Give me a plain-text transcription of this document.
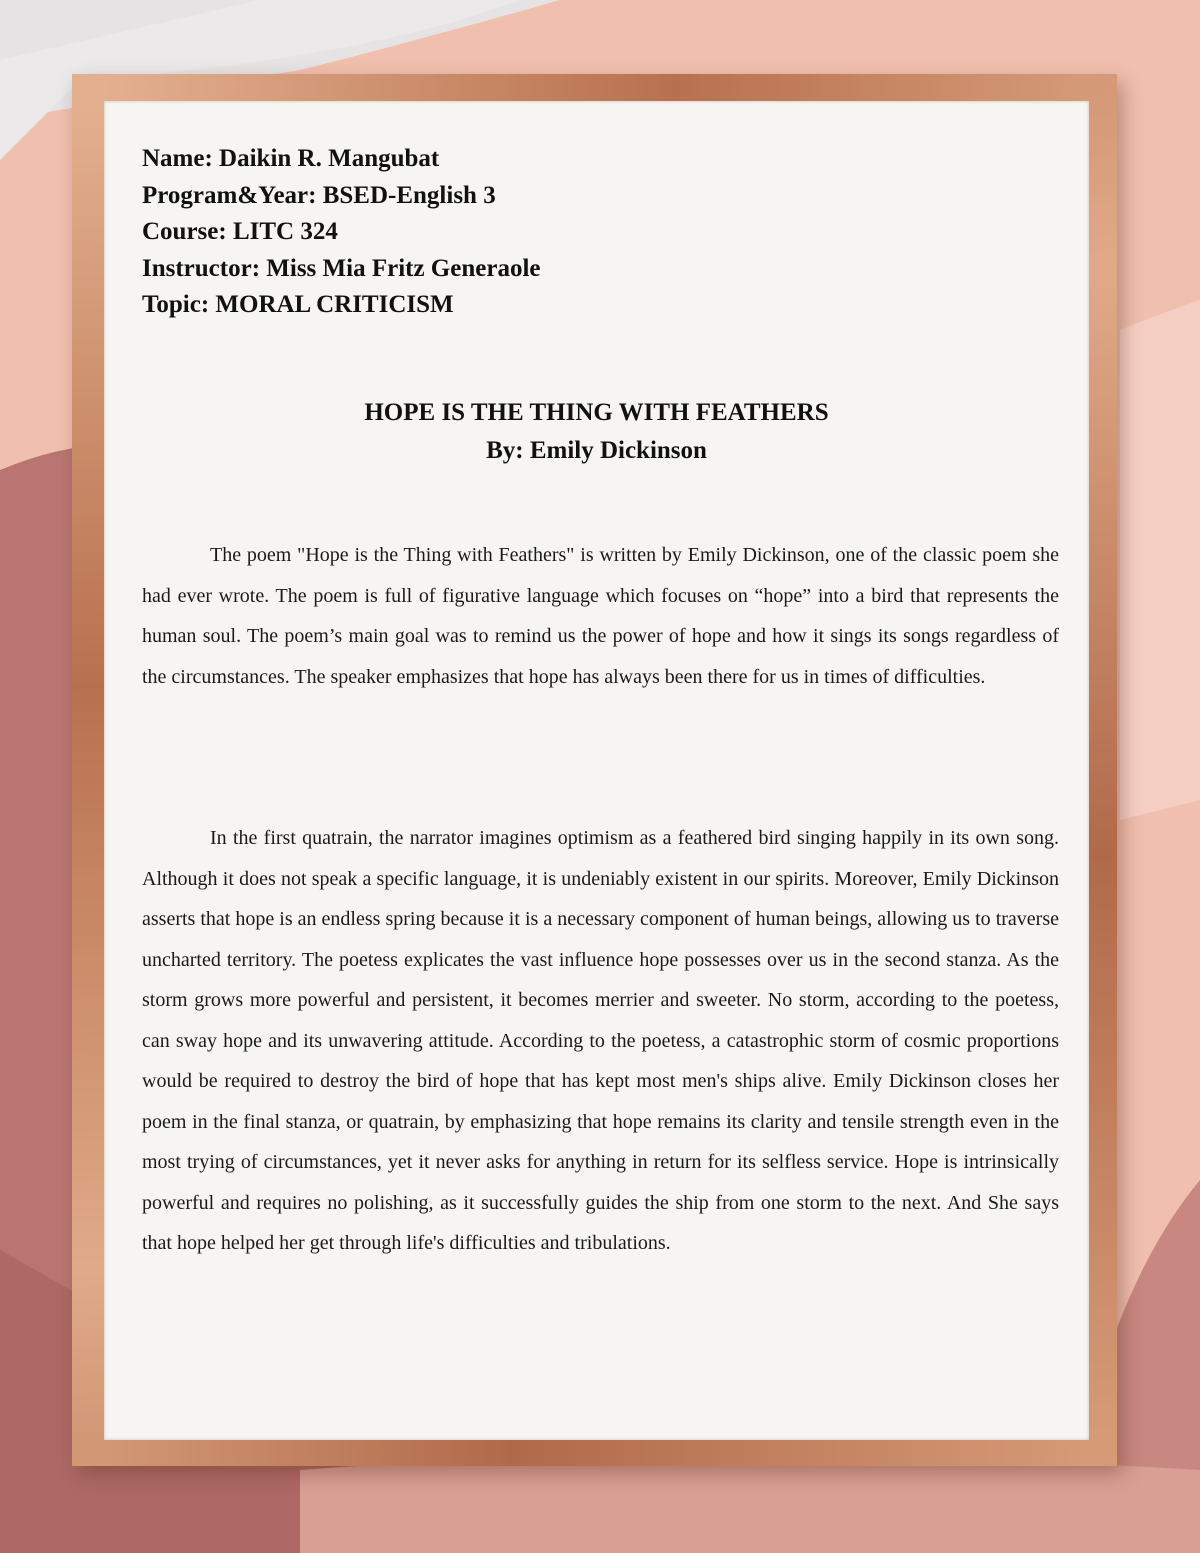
Name: Daikin R. Mangubat
Program&Year: BSED-English 3
Course: LITC 324
Instructor: Miss Mia Fritz Generaole
Topic: MORAL CRITICISM
HOPE IS THE THING WITH FEATHERS
By: Emily Dickinson

The poem "Hope is the Thing with Feathers" is written by Emily Dickinson, one of the classic poem she had ever wrote. The poem is full of figurative language which focuses on “hope” into a bird that represents the human soul. The poem’s main goal was to remind us the power of hope and how it sings its songs regardless of the circumstances. The speaker emphasizes that hope has always been there for us in times of difficulties.

In the first quatrain, the narrator imagines optimism as a feathered bird singing happily in its own song. Although it does not speak a specific language, it is undeniably existent in our spirits. Moreover, Emily Dickinson asserts that hope is an endless spring because it is a necessary component of human beings, allowing us to traverse uncharted territory. The poetess explicates the vast influence hope possesses over us in the second stanza. As the storm grows more powerful and persistent, it becomes merrier and sweeter. No storm, according to the poetess, can sway hope and its unwavering attitude. According to the poetess, a catastrophic storm of cosmic proportions would be required to destroy the bird of hope that has kept most men's ships alive. Emily Dickinson closes her poem in the final stanza, or quatrain, by emphasizing that hope remains its clarity and tensile strength even in the most trying of circumstances, yet it never asks for anything in return for its selfless service. Hope is intrinsically powerful and requires no polishing, as it successfully guides the ship from one storm to the next. And She says that hope helped her get through life's difficulties and tribulations.
